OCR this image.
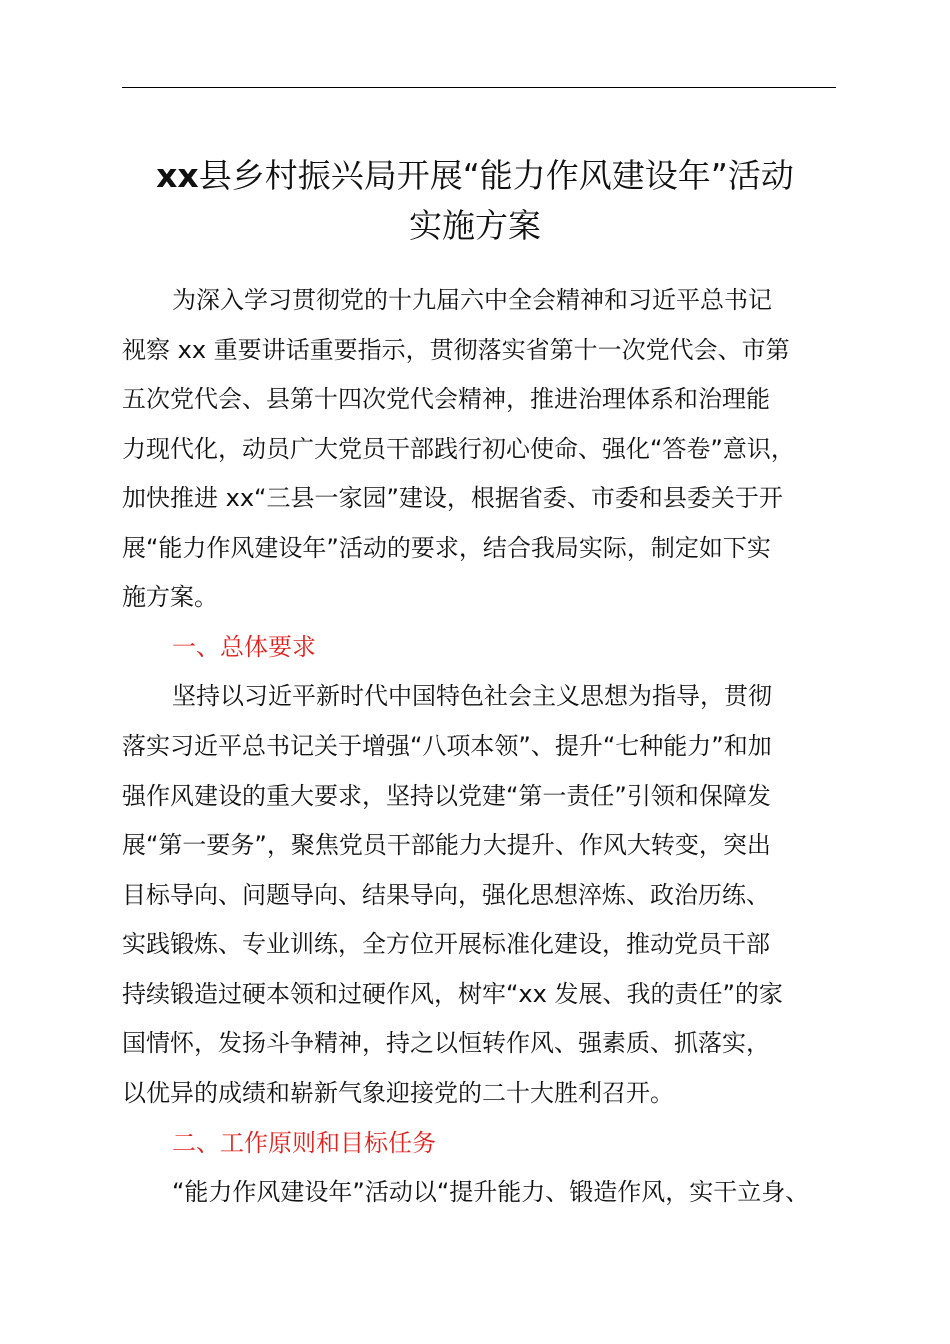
xx县乡村振兴局开展“能力作风建设年”活动
实施方案
为深入学习贯彻党的十九届六中全会精神和习近平总书记
视察 xx 重要讲话重要指示，贯彻落实省第十一次党代会、市第
五次党代会、县第十四次党代会精神，推进治理体系和治理能
力现代化，动员广大党员干部践行初心使命、强化“答卷”意识，
加快推进 xx“三县一家园”建设，根据省委、市委和县委关于开
展“能力作风建设年”活动的要求，结合我局实际，制定如下实
施方案。
一、总体要求
坚持以习近平新时代中国特色社会主义思想为指导，贯彻
落实习近平总书记关于增强“八项本领”、提升“七种能力”和加
强作风建设的重大要求，坚持以党建“第一责任”引领和保障发
展“第一要务”，聚焦党员干部能力大提升、作风大转变，突出
目标导向、问题导向、结果导向，强化思想淬炼、政治历练、
实践锻炼、专业训练，全方位开展标准化建设，推动党员干部
持续锻造过硬本领和过硬作风，树牢“xx 发展、我的责任”的家
国情怀，发扬斗争精神，持之以恒转作风、强素质、抓落实，
以优异的成绩和崭新气象迎接党的二十大胜利召开。
二、工作原则和目标任务
“能力作风建设年”活动以“提升能力、锻造作风，实干立身、
